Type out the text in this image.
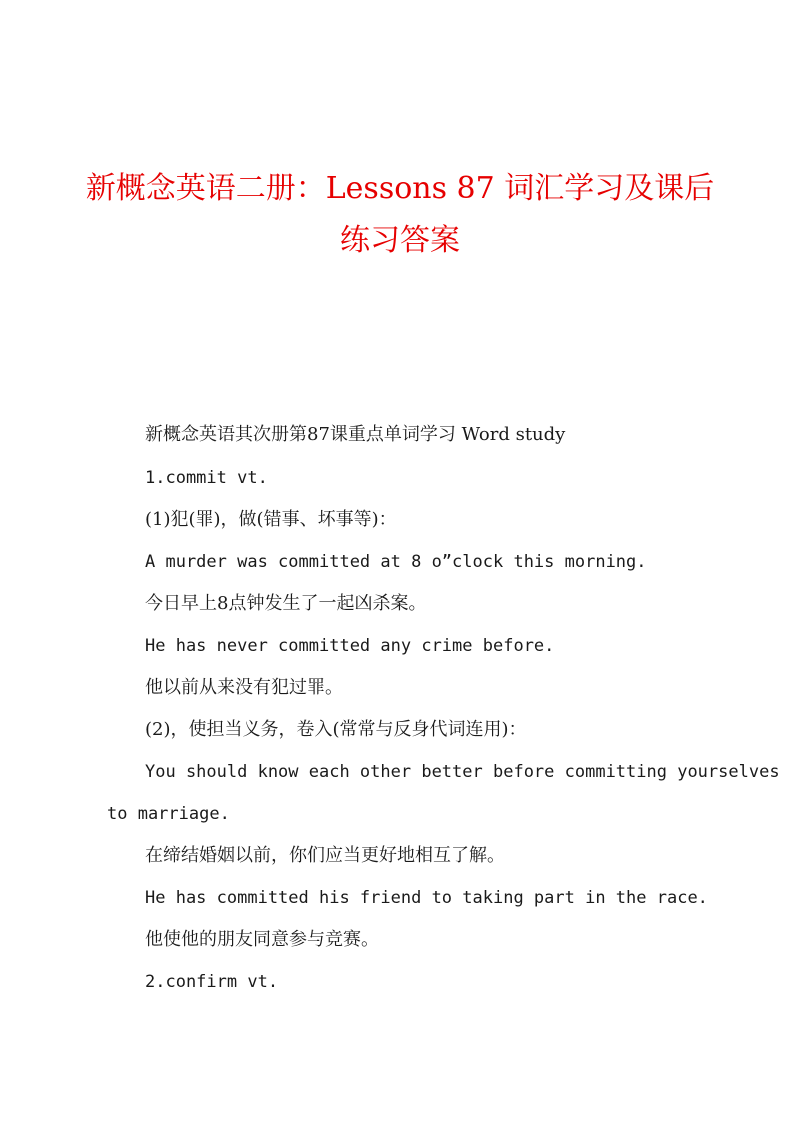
新概念英语二册：Lessons 87 词汇学习及课后
练习答案
新概念英语其次册第87课重点单词学习 Word study
1.commit vt.
(1)犯(罪)，做(错事、坏事等)：
A murder was committed at 8 o”clock this morning.
今日早上8点钟发生了一起凶杀案。
He has never committed any crime before.
他以前从来没有犯过罪。
(2)，使担当义务，卷入(常常与反身代词连用)：
You should know each other better before committing yourselves
to marriage.
在缔结婚姻以前，你们应当更好地相互了解。
He has committed his friend to taking part in the race.
他使他的朋友同意参与竞赛。
2.confirm vt.
